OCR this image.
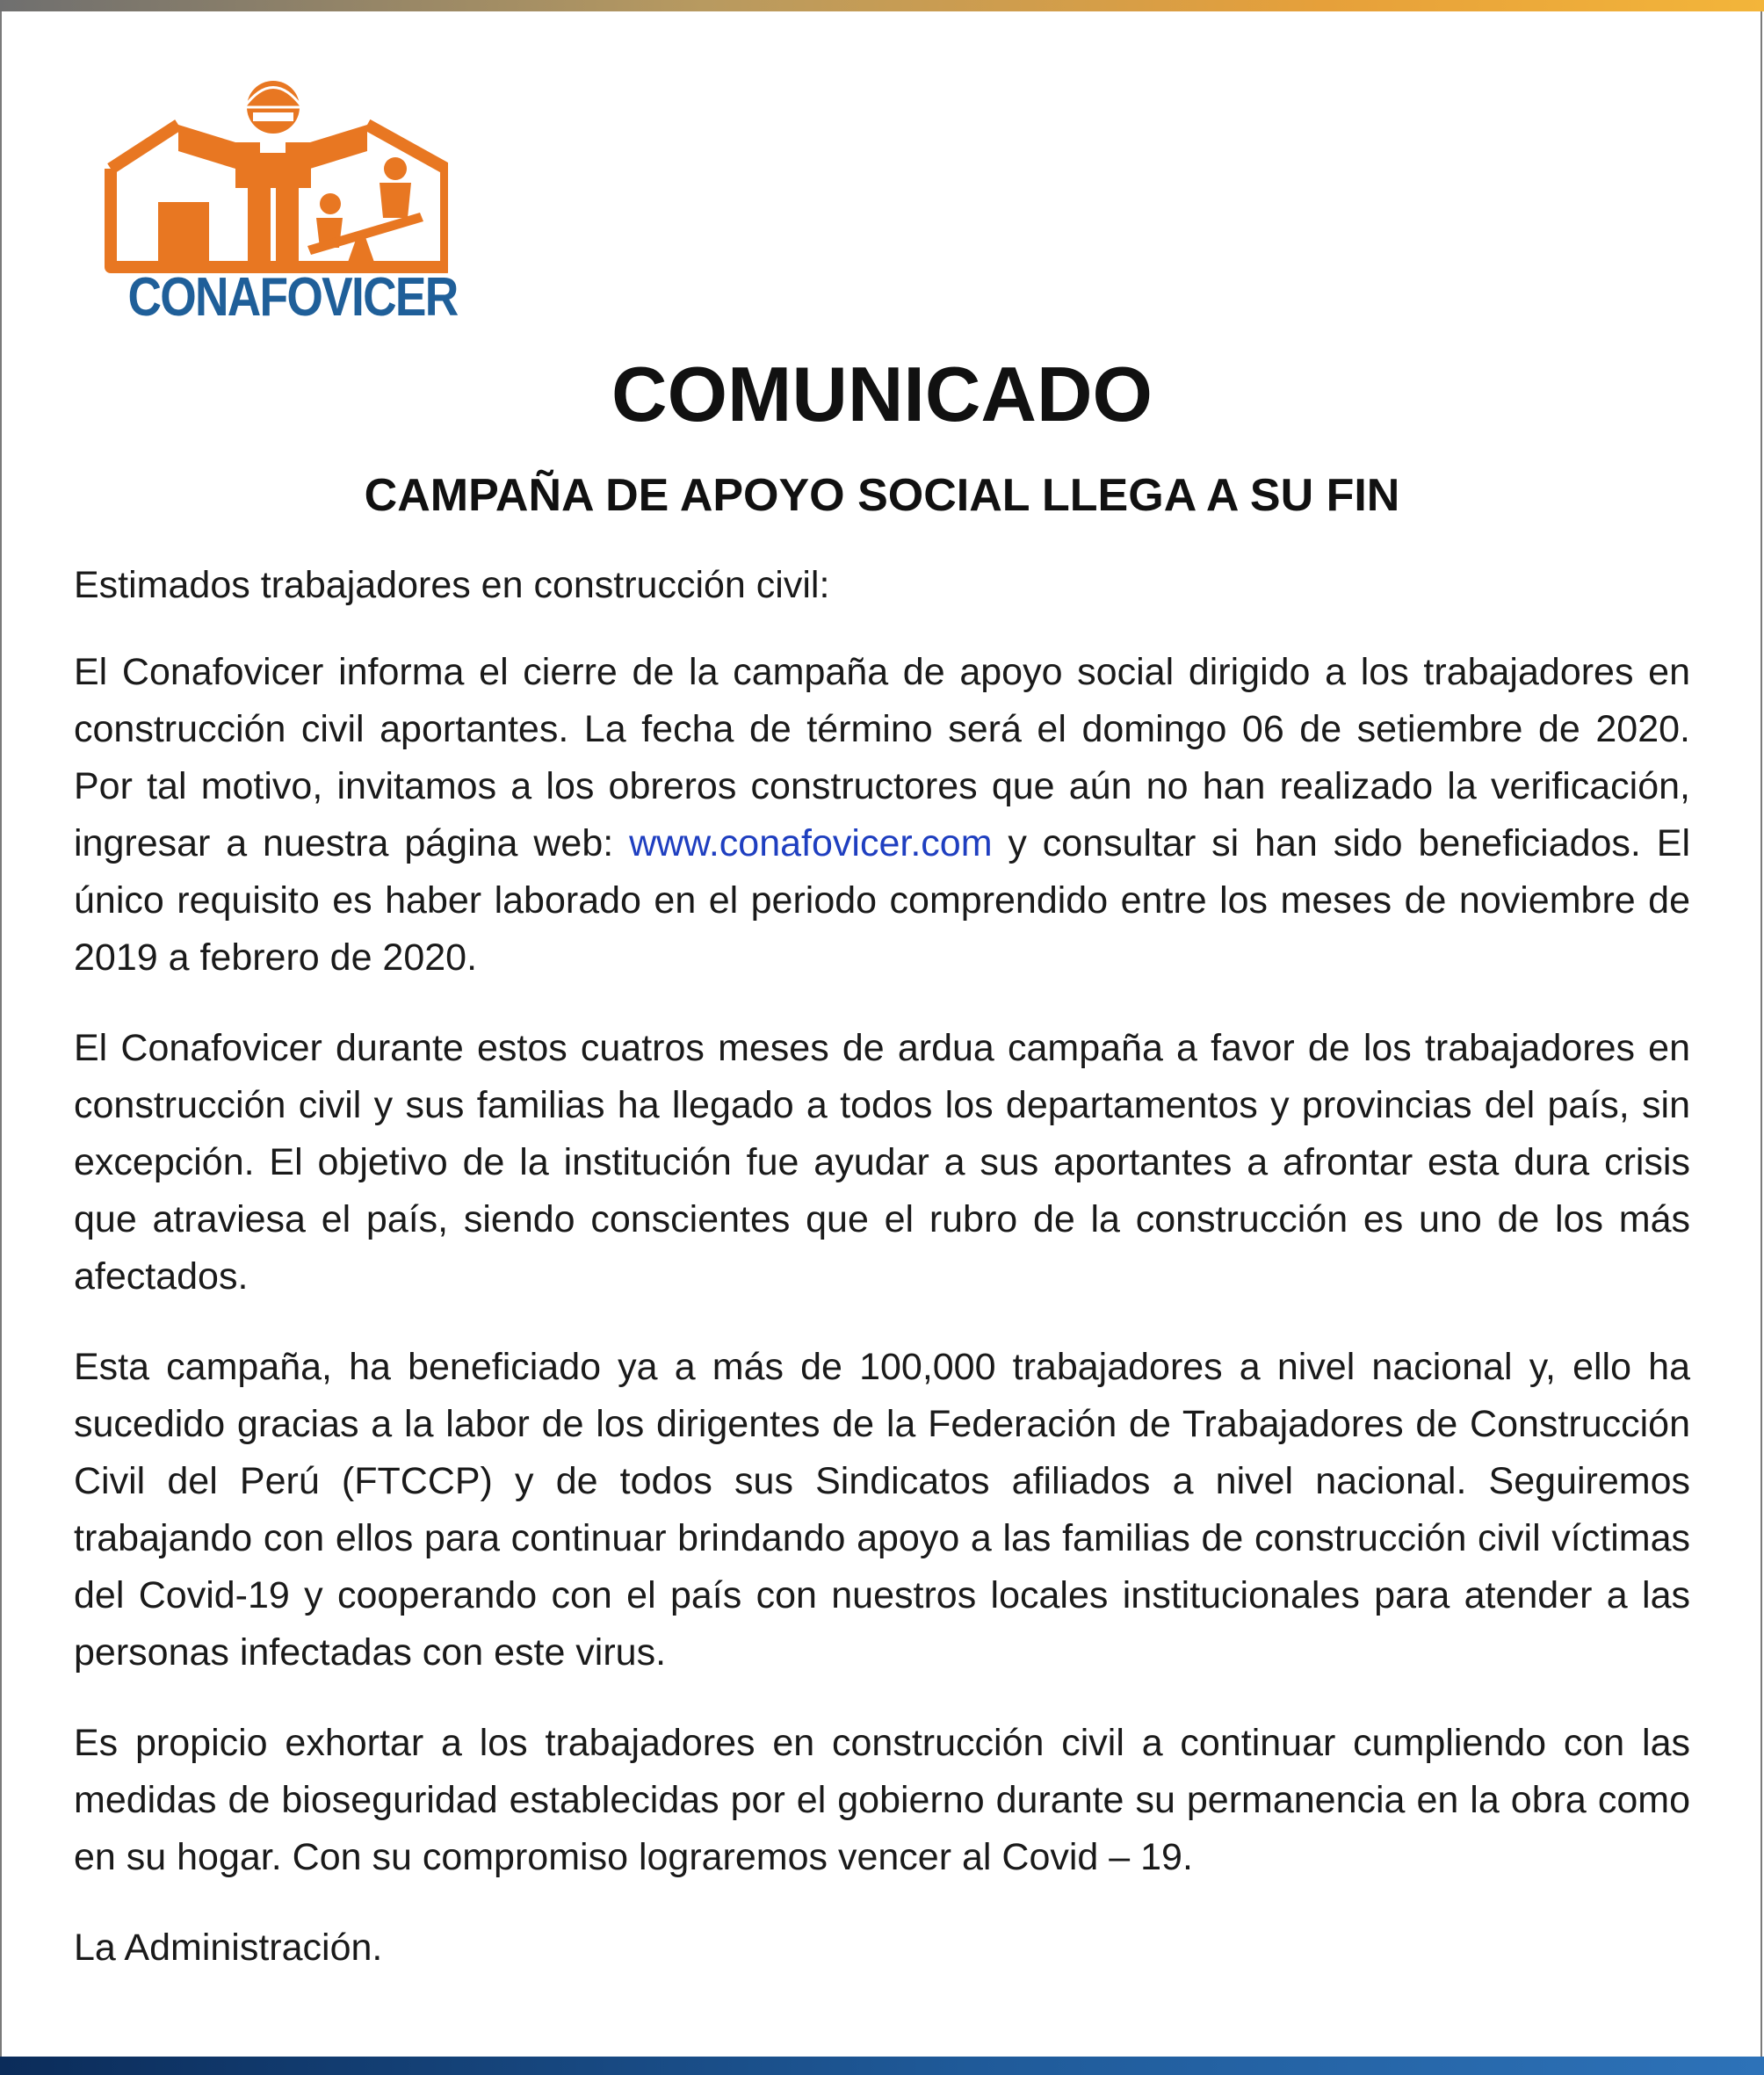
CONAFOVICER
COMUNICADO
CAMPAÑA DE APOYO SOCIAL LLEGA A SU FIN

Estimados trabajadores en construcción civil:

El Conafovicer informa el cierre de la campaña de apoyo social dirigido a los trabajadores en construcción civil aportantes. La fecha de término será el domingo 06 de setiembre de 2020. Por tal motivo, invitamos a los obreros constructores que aún no han realizado la verificación, ingresar a nuestra página web: www.conafovicer.com y consultar si han sido beneficiados. El único requisito es haber laborado en el periodo comprendido entre los meses de noviembre de 2019 a febrero de 2020.

El Conafovicer durante estos cuatros meses de ardua campaña a favor de los trabajadores en construcción civil y sus familias ha llegado a todos los departamentos y provincias del país, sin excepción. El objetivo de la institución fue ayudar a sus aportantes a afrontar esta dura crisis que atraviesa el país, siendo conscientes que el rubro de la construcción es uno de los más afectados.

Esta campaña, ha beneficiado ya a más de 100,000 trabajadores a nivel nacional y, ello ha sucedido gracias a la labor de los dirigentes de la Federación de Trabajadores de Construcción Civil del Perú (FTCCP) y de todos sus Sindicatos afiliados a nivel nacional. Seguiremos trabajando con ellos para continuar brindando apoyo a las familias de construcción civil víctimas del Covid-19 y cooperando con el país con nuestros locales institucionales para atender a las personas infectadas con este virus.

Es propicio exhortar a los trabajadores en construcción civil a continuar cumpliendo con las medidas de bioseguridad establecidas por el gobierno durante su permanencia en la obra como en su hogar. Con su compromiso lograremos vencer al Covid – 19.

La Administración.
